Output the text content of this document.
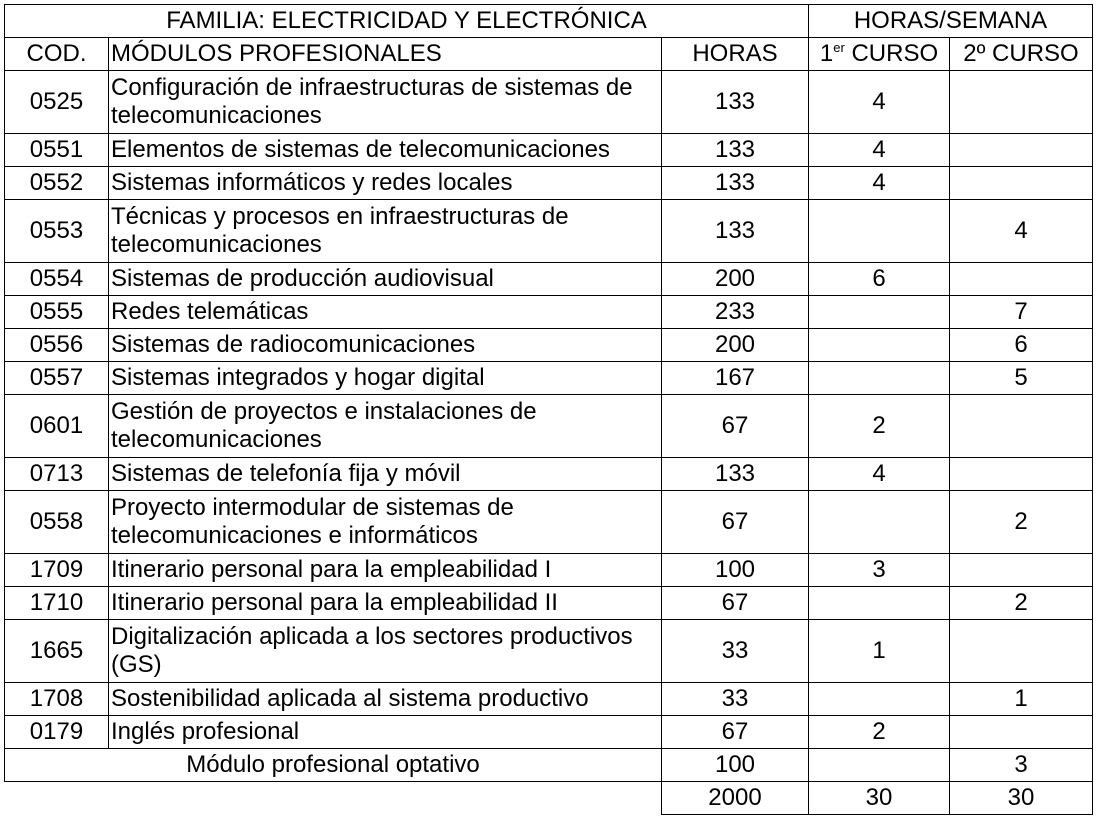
FAMILIA: ELECTRICIDAD Y ELECTRÓNICA			HORAS/SEMANA	
COD.	MÓDULOS PROFESIONALES	HORAS	1er CURSO	2º CURSO
0525	Configuración de infraestructuras de sistemas de telecomunicaciones	133	4	
0551	Elementos de sistemas de telecomunicaciones	133	4	
0552	Sistemas informáticos y redes locales	133	4	
0553	Técnicas y procesos en infraestructuras de telecomunicaciones	133		4
0554	Sistemas de producción audiovisual	200	6	
0555	Redes telemáticas	233		7
0556	Sistemas de radiocomunicaciones	200		6
0557	Sistemas integrados y hogar digital	167		5
0601	Gestión de proyectos e instalaciones de telecomunicaciones	67	2	
0713	Sistemas de telefonía fija y móvil	133	4	
0558	Proyecto intermodular de sistemas de telecomunicaciones e informáticos	67		2
1709	Itinerario personal para la empleabilidad I	100	3	
1710	Itinerario personal para la empleabilidad II	67		2
1665	Digitalización aplicada a los sectores productivos (GS)	33	1	
1708	Sostenibilidad aplicada al sistema productivo	33		1
0179	Inglés profesional	67	2	
Módulo profesional optativo		100		3
		2000	30	30
